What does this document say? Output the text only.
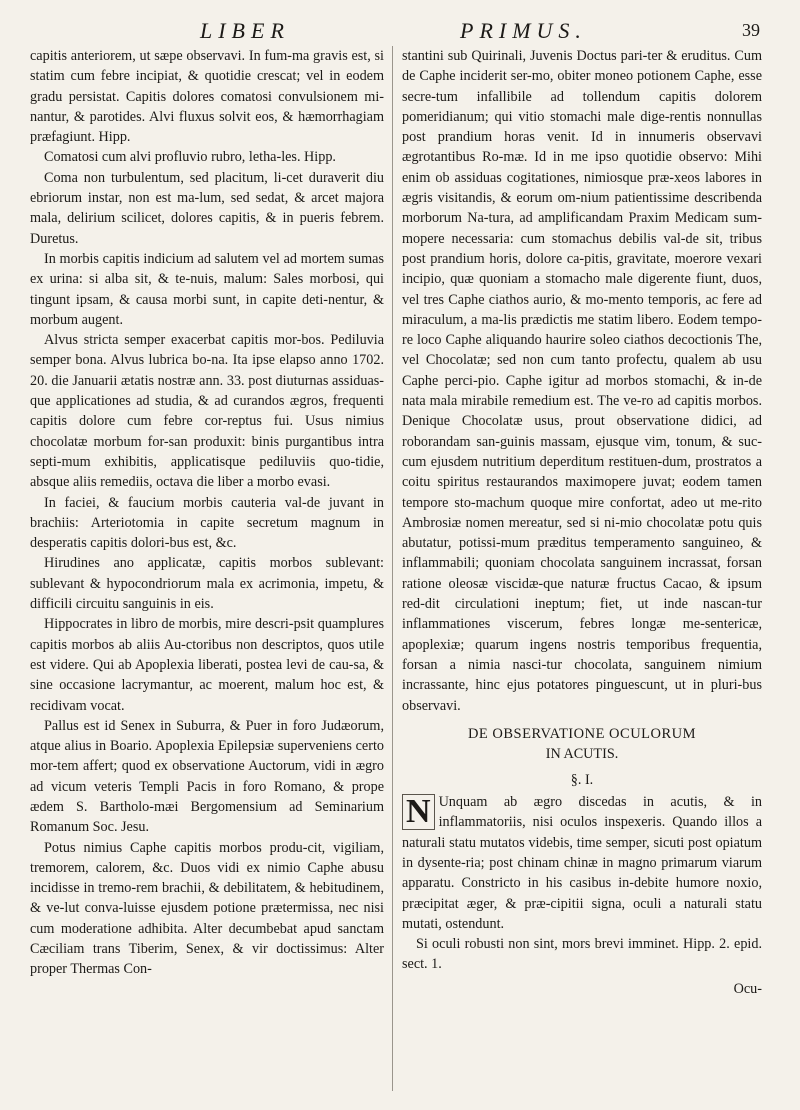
LIBER	PRIMUS.	39

capitis anteriorem, ut sæpe observavi. In fum-ma gravis est, si statim cum febre incipiat, & quotidie crescat; vel in eodem gradu persistat. Capitis dolores comatosi convulsionem mi-nantur, & parotides. Alvi fluxus solvit eos, & hæmorrhagiam præfagiunt. Hipp.

Comatosi cum alvi profluvio rubro, letha-les. Hipp.

Coma non turbulentum, sed placitum, li-cet duraverit diu ebriorum instar, non est ma-lum, sed sedat, & arcet majora mala, delirium scilicet, dolores capitis, & in pueris febrem. Duretus.

In morbis capitis indicium ad salutem vel ad mortem sumas ex urina: si alba sit, & te-nuis, malum: Sales morbosi, qui tingunt ipsam, & causa morbi sunt, in capite deti-nentur, & morbum augent.

Alvus stricta semper exacerbat capitis mor-bos. Pediluvia semper bona. Alvus lubrica bo-na. Ita ipse elapso anno 1702. 20. die Januarii ætatis nostræ ann. 33. post diuturnas assiduas-que applicationes ad studia, & ad curandos ægros, frequenti capitis dolore cum febre cor-reptus fui. Usus nimius chocolatæ morbum for-san produxit: binis purgantibus intra septi-mum exhibitis, applicatisque pediluviis quo-tidie, absque aliis remediis, octava die liber a morbo evasi.

In faciei, & faucium morbis cauteria val-de juvant in brachiis: Arteriotomia in capite secretum magnum in desperatis capitis dolori-bus est, &c.

Hirudines ano applicatæ, capitis morbos sublevant: sublevant & hypocondriorum mala ex acrimonia, impetu, & difficili circuitu sanguinis in eis.

Hippocrates in libro de morbis, mire descri-psit quamplures capitis morbos ab aliis Au-ctoribus non descriptos, quos utile est videre. Qui ab Apoplexia liberati, postea levi de cau-sa, & sine occasione lacrymantur, ac moerent, malum hoc est, & recidivam vocat.

Pallus est id Senex in Suburra, & Puer in foro Judæorum, atque alius in Boario. Apoplexia Epilepsiæ superveniens certo mor-tem affert; quod ex observatione Auctorum, vidi in ægro ad vicum veteris Templi Pacis in foro Romano, & prope ædem S. Bartholo-mæi Bergomensium ad Seminarium Romanum Soc. Jesu.

Potus nimius Caphe capitis morbos produ-cit, vigiliam, tremorem, calorem, &c. Duos vidi ex nimio Caphe abusu incidisse in tremo-rem brachii, & debilitatem, & hebitudinem, & ve-lut conva-luisse ejusdem potione prætermissa, nec nisi cum moderatione adhibita. Alter decumbebat apud sanctam Cæciliam trans Tiberim, Senex, & vir doctissimus: Alter proper Thermas Con-

stantini sub Quirinali, Juvenis Doctus pari-ter & eruditus. Cum de Caphe inciderit ser-mo, obiter moneo potionem Caphe, esse secre-tum infallibile ad tollendum capitis dolorem pomeridianum; qui vitio stomachi male dige-rentis nonnullas post prandium horas venit. Id in innumeris observavi ægrotantibus Ro-mæ. Id in me ipso quotidie observo: Mihi enim ob assiduas cogitationes, nimiosque præ-xeos labores in ægris visitandis, & eorum om-nium patientissime describenda morborum Na-tura, ad amplificandam Praxim Medicam sum-mopere necessaria: cum stomachus debilis val-de sit, tribus post prandium horis, dolore ca-pitis, gravitate, moerore vexari incipio, quæ quoniam a stomacho male digerente fiunt, duos, vel tres Caphe ciathos aurio, & mo-mento temporis, ac fere ad miraculum, a ma-lis prædictis me statim libero. Eodem tempo-re loco Caphe aliquando haurire soleo ciathos decoctionis The, vel Chocolatæ; sed non cum tanto profectu, qualem ab usu Caphe perci-pio. Caphe igitur ad morbos stomachi, & in-de nata mala mirabile remedium est. The ve-ro ad capitis morbos. Denique Chocolatæ usus, prout observatione didici, ad roborandam san-guinis massam, ejusque vim, tonum, & suc-cum ejusdem nutritium deperditum restituen-dum, prostratos a coitu spiritus restaurandos maximopere juvat; eodem tamen tempore sto-machum quoque mire confortat, adeo ut me-rito Ambrosiæ nomen mereatur, sed si ni-mio chocolatæ potu quis abutatur, potissi-mum præditus temperamento sanguineo, & inflammabili; quoniam chocolata sanguinem incrassat, forsan ratione oleosæ viscidæ-que naturæ fructus Cacao, & ipsum red-dit circulationi ineptum; fiet, ut inde nascan-tur inflammationes viscerum, febres longæ me-sentericæ, apoplexiæ; quarum ingens nostris temporibus frequentia, forsan a nimia nasci-tur chocolata, sanguinem nimium incrassante, hinc ejus potatores pinguescunt, ut in pluri-bus observavi.

DE OBSERVATIONE OCULORUM
IN ACUTIS.
§. I.

N Unquam ab ægro discedas in acutis, & in inflammatoriis, nisi oculos inspexeris. Quando illos a naturali statu mutatos videbis, time semper, sicuti post opiatum in dysente-ria; post chinam chinæ in magno primarum viarum apparatu. Constricto in his casibus in-debite humore noxio, præcipitat æger, & præ-cipitii signa, oculi a naturali statu mutati, ostendunt.

Si oculi robusti non sint, mors brevi imminet. Hipp. 2. epid. sect. 1.

Ocu-
